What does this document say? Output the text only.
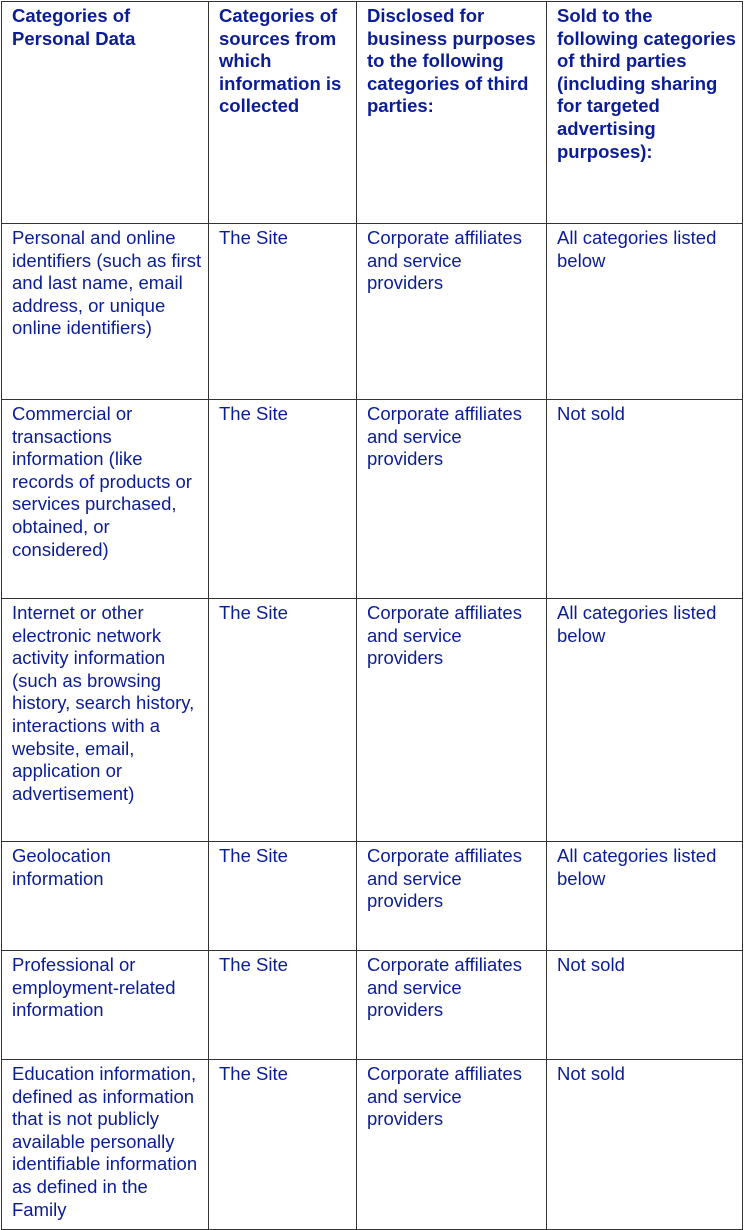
Categories of Personal Data	Categories of sources from which information is collected	Disclosed for business purposes to the following categories of third parties:	Sold to the following categories of third parties (including sharing for targeted advertising purposes):
Personal and online identifiers (such as first and last name, email address, or unique online identifiers)	The Site	Corporate affiliates and service providers	All categories listed below
Commercial or transactions information (like records of products or services purchased, obtained, or considered)	The Site	Corporate affiliates and service providers	Not sold
Internet or other electronic network activity information (such as browsing history, search history, interactions with a website, email, application or advertisement)	The Site	Corporate affiliates and service providers	All categories listed below
Geolocation information	The Site	Corporate affiliates and service providers	All categories listed below
Professional or employment-related information	The Site	Corporate affiliates and service providers	Not sold
Education information, defined as information that is not publicly available personally identifiable information as defined in the Family	The Site	Corporate affiliates and service providers	Not sold
